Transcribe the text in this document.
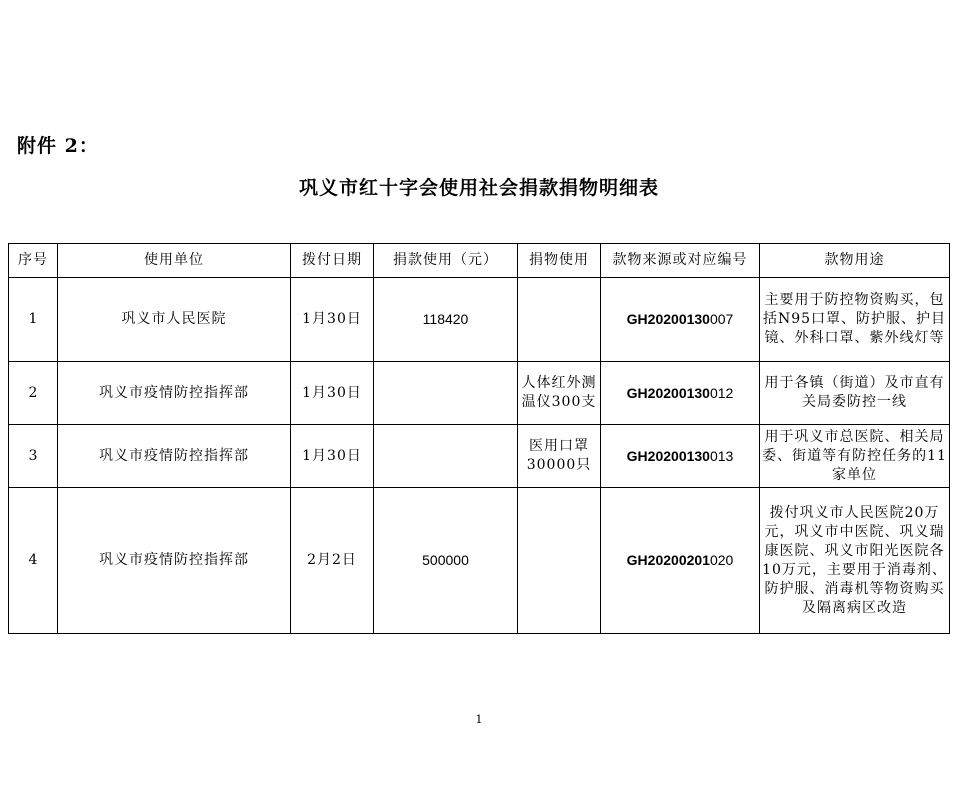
附件 2：
巩义市红十字会使用社会捐款捐物明细表
序号	使用单位	拨付日期	捐款使用（元）	捐物使用	款物来源或对应编号	款物用途
1	巩义市人民医院	1月30日	118420		GH20200130007	主要用于防控物资购买，包括N95口罩、防护服、护目镜、外科口罩、紫外线灯等
2	巩义市疫情防控指挥部	1月30日		人体红外测温仪300支	GH20200130012	用于各镇（街道）及市直有关局委防控一线
3	巩义市疫情防控指挥部	1月30日		医用口罩30000只	GH20200130013	用于巩义市总医院、相关局委、街道等有防控任务的11家单位
4	巩义市疫情防控指挥部	2月2日	500000		GH20200201020	拨付巩义市人民医院20万元，巩义市中医院、巩义瑞康医院、巩义市阳光医院各10万元，主要用于消毒剂、防护服、消毒机等物资购买及隔离病区改造
1
